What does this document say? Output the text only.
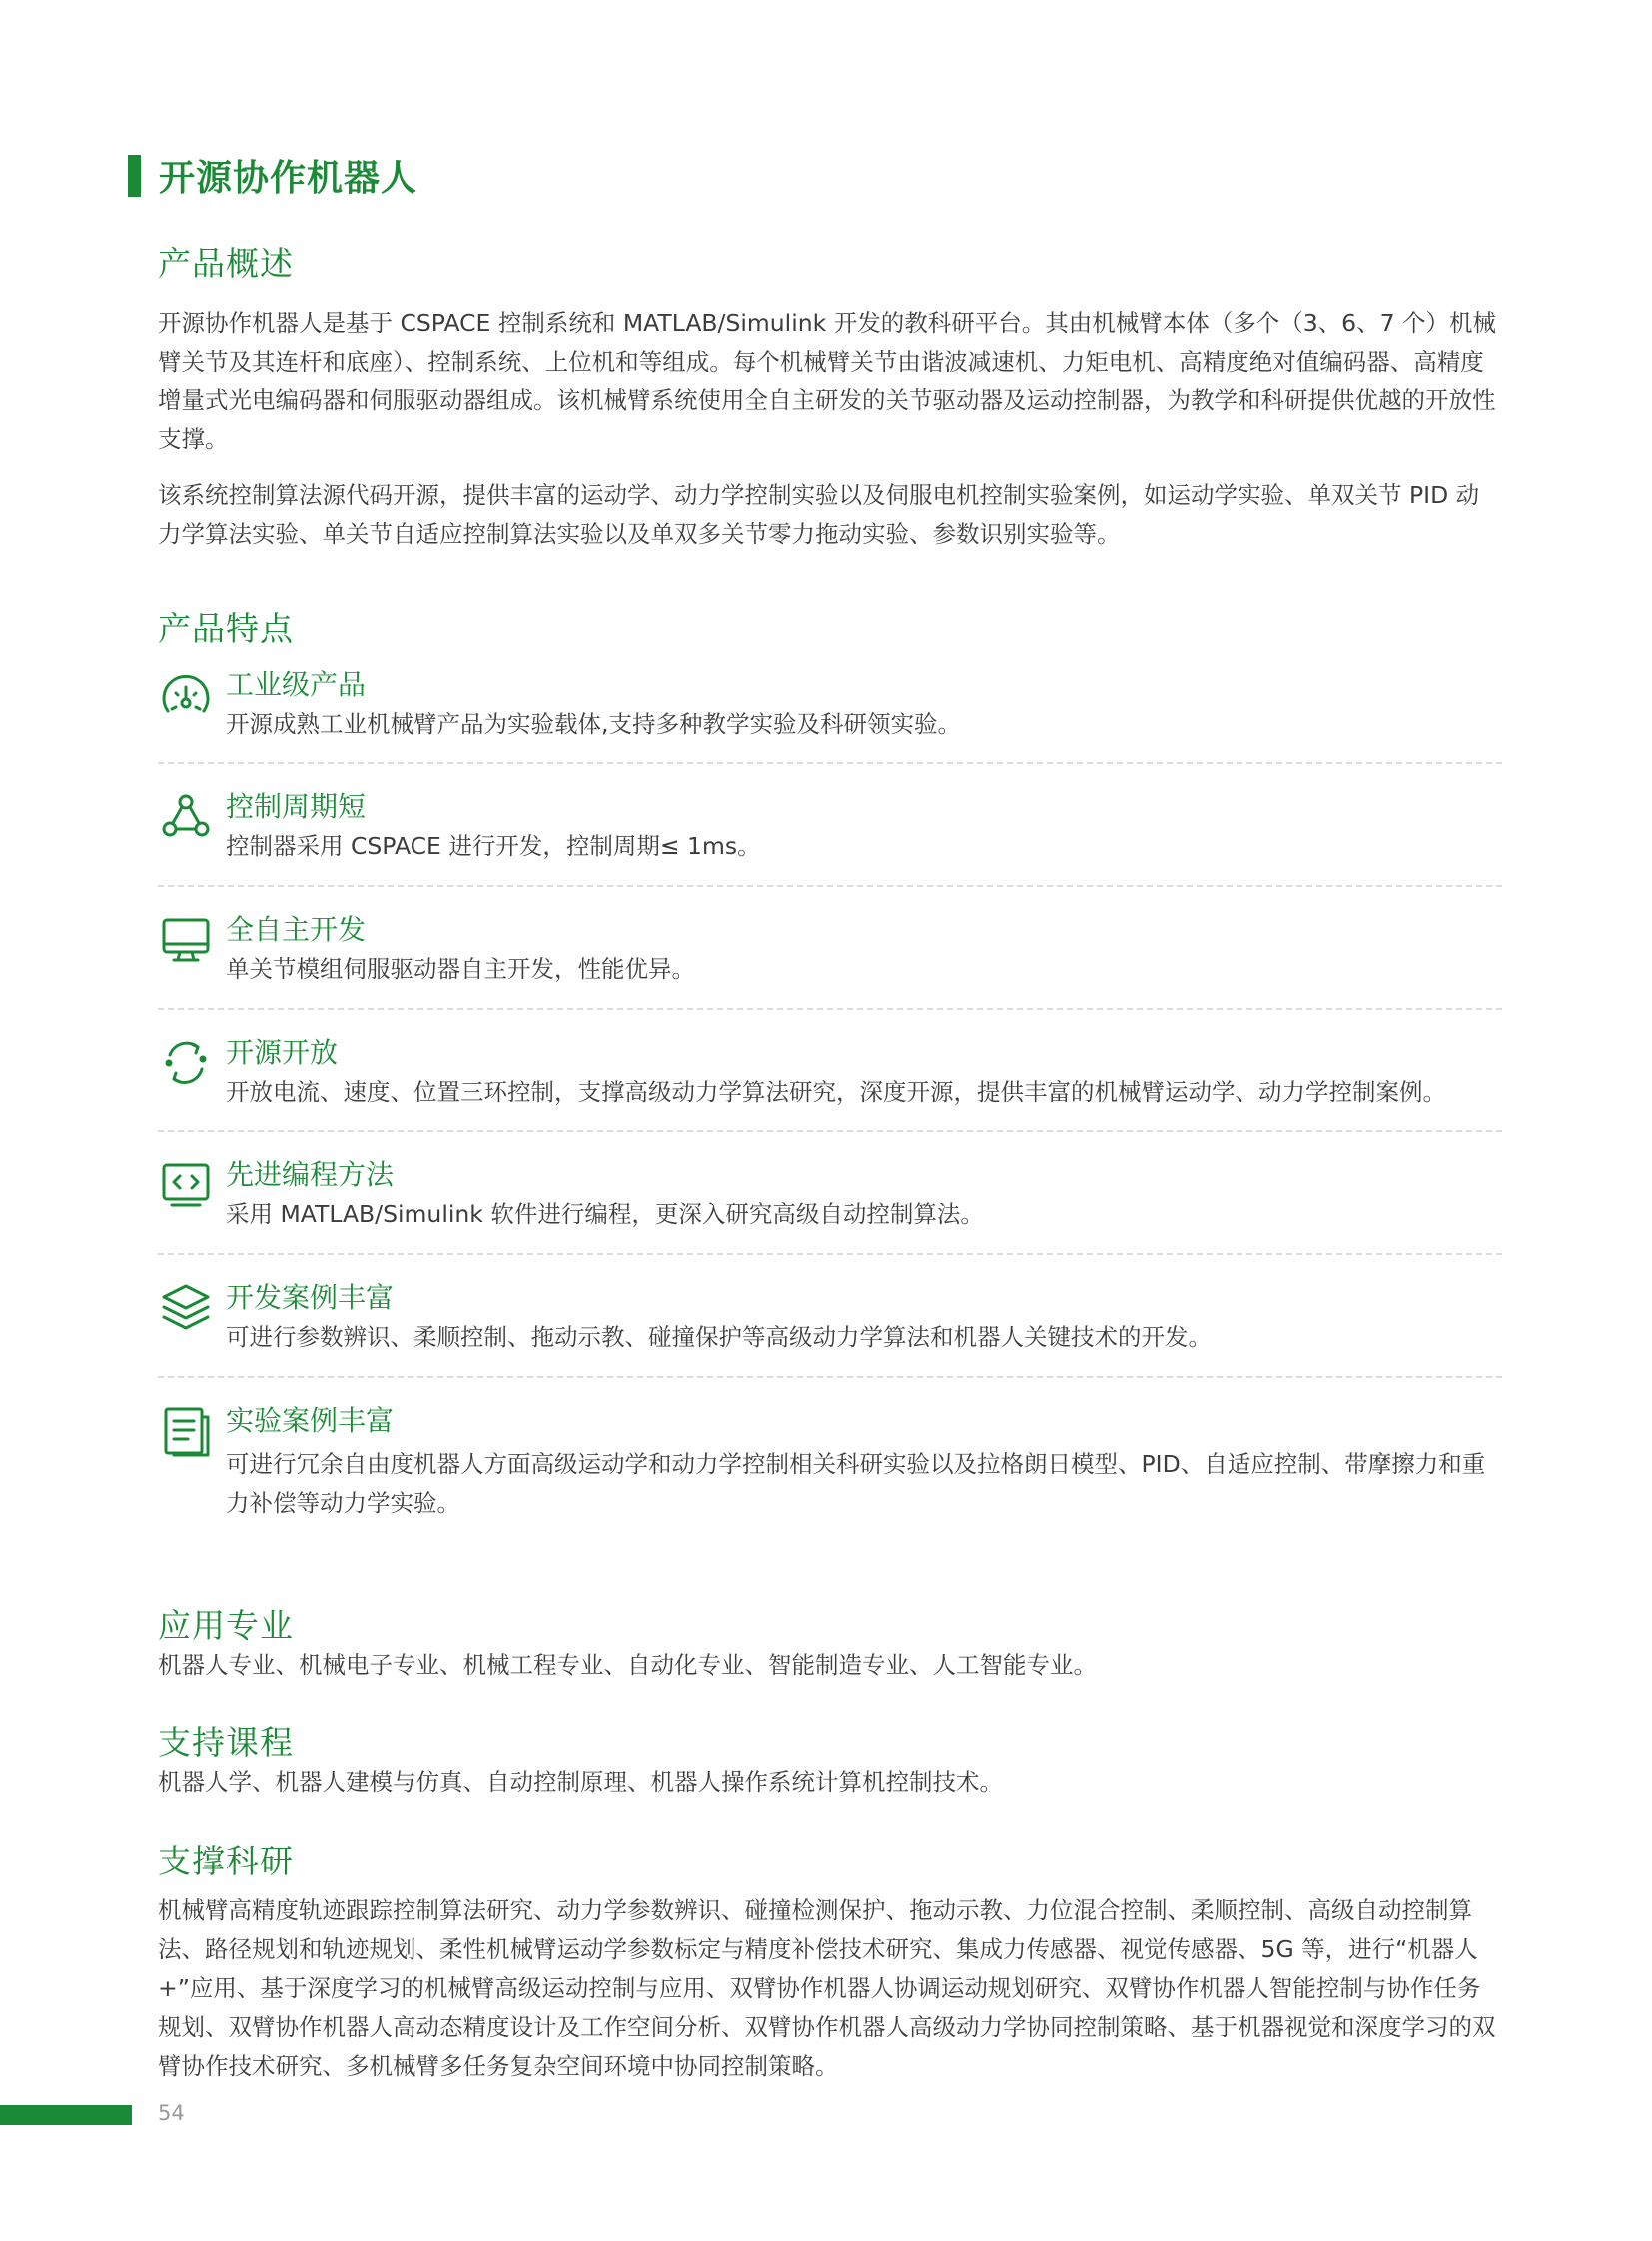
开源协作机器人
产品概述

开源协作机器人是基于 CSPACE 控制系统和 MATLAB/Simulink 开发的教科研平台。其由机械臂本体（多个（3、6、7 个）机械臂关节及其连杆和底座）、控制系统、上位机和等组成。每个机械臂关节由谐波减速机、力矩电机、高精度绝对值编码器、高精度增量式光电编码器和伺服驱动器组成。该机械臂系统使用全自主研发的关节驱动器及运动控制器，为教学和科研提供优越的开放性支撑。

该系统控制算法源代码开源，提供丰富的运动学、动力学控制实验以及伺服电机控制实验案例，如运动学实验、单双关节 PID 动力学算法实验、单关节自适应控制算法实验以及单双多关节零力拖动实验、参数识别实验等。

产品特点
工业级产品

开源成熟工业机械臂产品为实验载体,支持多种教学实验及科研领实验。

控制周期短

控制器采用 CSPACE 进行开发，控制周期≤ 1ms。

全自主开发

单关节模组伺服驱动器自主开发，性能优异。

开源开放

开放电流、速度、位置三环控制，支撑高级动力学算法研究，深度开源，提供丰富的机械臂运动学、动力学控制案例。

先进编程方法

采用 MATLAB/Simulink 软件进行编程，更深入研究高级自动控制算法。

开发案例丰富

可进行参数辨识、柔顺控制、拖动示教、碰撞保护等高级动力学算法和机器人关键技术的开发。

实验案例丰富

可进行冗余自由度机器人方面高级运动学和动力学控制相关科研实验以及拉格朗日模型、PID、自适应控制、带摩擦力和重力补偿等动力学实验。

应用专业

机器人专业、机械电子专业、机械工程专业、自动化专业、智能制造专业、人工智能专业。

支持课程

机器人学、机器人建模与仿真、自动控制原理、机器人操作系统计算机控制技术。

支撑科研

机械臂高精度轨迹跟踪控制算法研究、动力学参数辨识、碰撞检测保护、拖动示教、力位混合控制、柔顺控制、高级自动控制算法、路径规划和轨迹规划、柔性机械臂运动学参数标定与精度补偿技术研究、集成力传感器、视觉传感器、5G 等，进行“机器人 +”应用、基于深度学习的机械臂高级运动控制与应用、双臂协作机器人协调运动规划研究、双臂协作机器人智能控制与协作任务规划、双臂协作机器人高动态精度设计及工作空间分析、双臂协作机器人高级动力学协同控制策略、基于机器视觉和深度学习的双臂协作技术研究、多机械臂多任务复杂空间环境中协同控制策略。

54
